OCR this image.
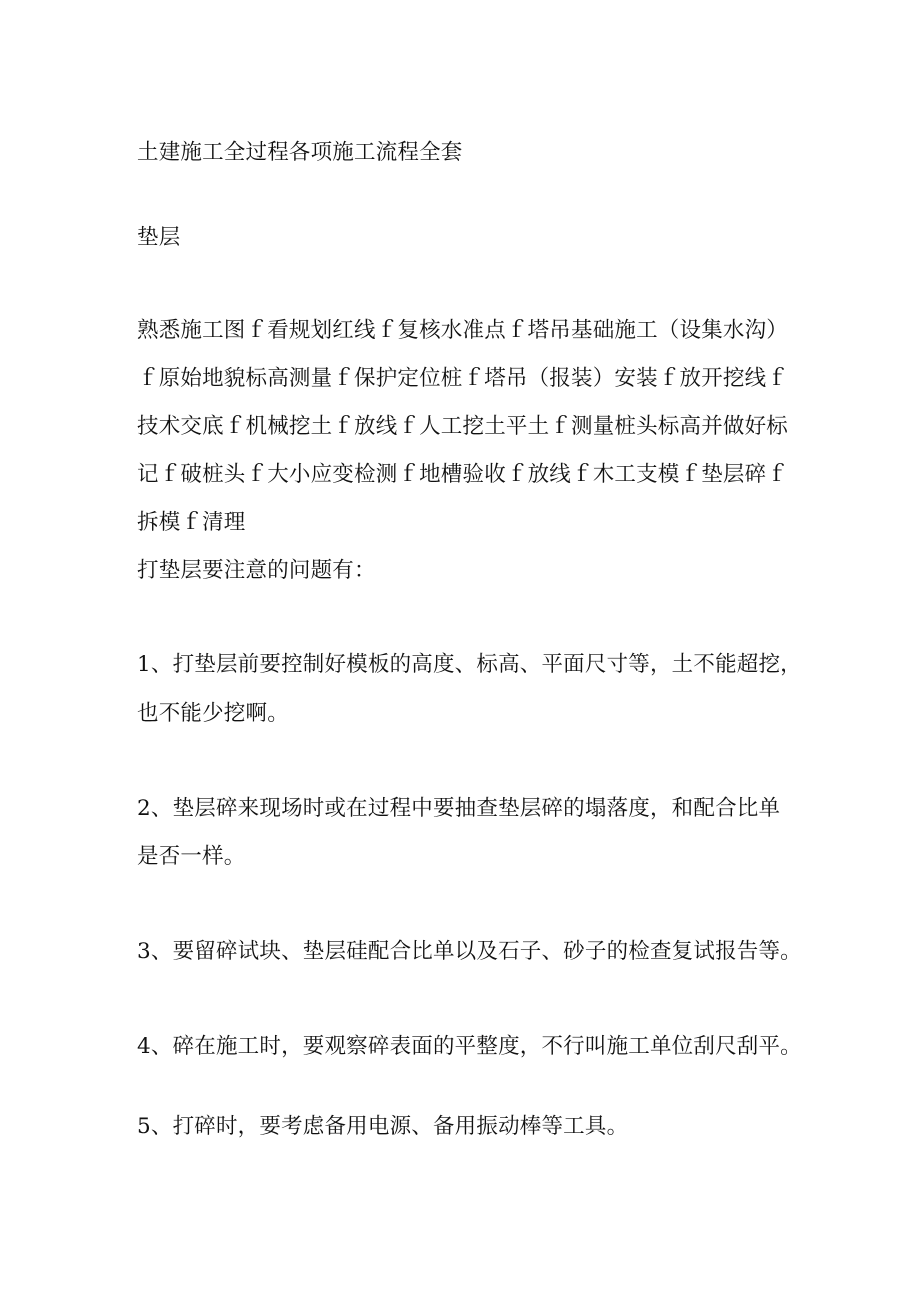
土建施工全过程各项施工流程全套
垫层
熟悉施工图ｆ看规划红线ｆ复核水准点ｆ塔吊基础施工（设集水沟）
ｆ原始地貌标高测量ｆ保护定位桩ｆ塔吊（报装）安装ｆ放开挖线ｆ
技术交底ｆ机械挖土ｆ放线ｆ人工挖土平土ｆ测量桩头标高并做好标
记ｆ破桩头ｆ大小应变检测ｆ地槽验收ｆ放线ｆ木工支模ｆ垫层碎ｆ
拆模ｆ清理
打垫层要注意的问题有：
1、打垫层前要控制好模板的高度、标高、平面尺寸等，土不能超挖，
也不能少挖啊。
2、垫层碎来现场时或在过程中要抽查垫层碎的塌落度，和配合比单
是否一样。
3、要留碎试块、垫层硅配合比单以及石子、砂子的检查复试报告等。
4、碎在施工时，要观察碎表面的平整度，不行叫施工单位刮尺刮平。
5、打碎时，要考虑备用电源、备用振动棒等工具。
